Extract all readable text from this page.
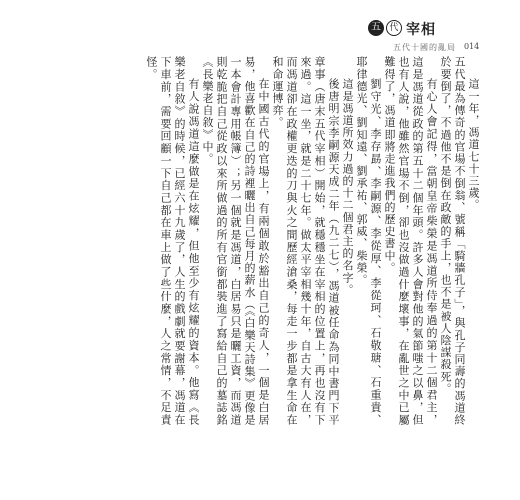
五 代 宰相
五代十國的亂局 014

這一年，馮道七十三歲。

五代最為傳奇的官場不倒翁、號稱「騎牆孔子」，與孔子同壽的馮道終於要倒了，不過他不是倒在政敵的手上，也不是被人陰謀殺死。

有心人會記得，當朝皇帝柴榮是馮道所侍奉過的第十二個君主，這是馮道從政的第五十二個年頭。許多人會對他的氣節嗤之以鼻，但也有人說，他雖然官場不倒，卻也沒做過什麼壞事，在亂世之中已屬難得了，馮道即將走進我們的歷史書中。

劉守光、李存勗、李嗣源、李從厚、李從珂、石敬瑭、石重貴、耶律德光、劉知遠、劉承祐、郭威、柴榮。

這是馮道所效力過的十二個君主的名字。

後唐明宗李嗣源天成二年（九二七），馮道被任命為同中書門下平章事（唐末五代宰相）開始，就穩穩坐在宰相的位置上，再也沒有下來過。這一坐，就是二十七年。做太平宰相幾十年，自古大有人在，而馮道卻在政權更迭的刀與火之間歷經滄桑，每走一步都是拿生命在和命運博弈。

在中國古代的官場上，有兩個敢於豁出自己的奇人，一個是白居易，他喜歡在自己的詩裡曬出自己每月的薪水（《白樂天詩集》更像是一本會計專用帳簿）；另一個就是馮道，白居易只是曬工資，而馮道則乾脆把自己從政以來所做過的所有官銜都裝進了寫給自己的墓誌銘《長樂老自敘》中。

有人說馮道這麼做是在炫耀，但他至少有炫耀的資本。他寫《長樂老自敘》的時候，已經六十九歲了，人生的戲劇就要謝幕，馮道在下車前，需要回顧一下自己都在車上做了些什麼，人之常情，不足責怪。
